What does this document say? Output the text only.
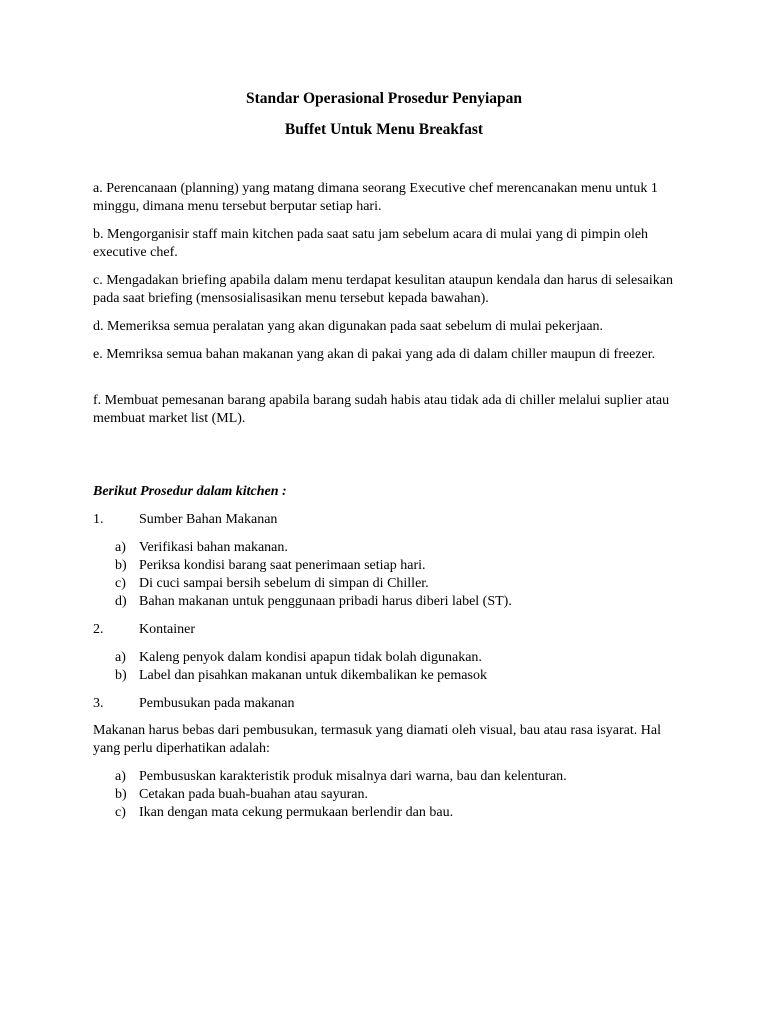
Standar Operasional Prosedur Penyiapan
Buffet Untuk Menu Breakfast

a. Perencanaan (planning) yang matang dimana seorang Executive chef merencanakan menu untuk 1 minggu, dimana menu tersebut berputar setiap hari.

b. Mengorganisir staff main kitchen pada saat satu jam sebelum acara di mulai yang di pimpin oleh executive chef.

c. Mengadakan briefing apabila dalam menu terdapat kesulitan ataupun kendala dan harus di selesaikan pada saat briefing (mensosialisasikan menu tersebut kepada bawahan).

d. Memeriksa semua peralatan yang akan digunakan pada saat sebelum di mulai pekerjaan.

e. Memriksa semua bahan makanan yang akan di pakai yang ada di dalam chiller maupun di freezer.

f. Membuat pemesanan barang apabila barang sudah habis atau tidak ada di chiller melalui suplier atau membuat market list (ML).

Berikut Prosedur dalam kitchen :
1.	Sumber Bahan Makanan
a) Verifikasi bahan makanan.
b) Periksa kondisi barang saat penerimaan setiap hari.
c) Di cuci sampai bersih sebelum di simpan di Chiller.
d) Bahan makanan untuk penggunaan pribadi harus diberi label (ST).
2.	Kontainer
a) Kaleng penyok dalam kondisi apapun tidak bolah digunakan.
b) Label dan pisahkan makanan untuk dikembalikan ke pemasok
3.	Pembusukan pada makanan

Makanan harus bebas dari pembusukan, termasuk yang diamati oleh visual, bau atau rasa isyarat. Hal yang perlu diperhatikan adalah:

a) Pembususkan karakteristik produk misalnya dari warna, bau dan kelenturan.
b) Cetakan pada buah-buahan atau sayuran.
c) Ikan dengan mata cekung permukaan berlendir dan bau.
